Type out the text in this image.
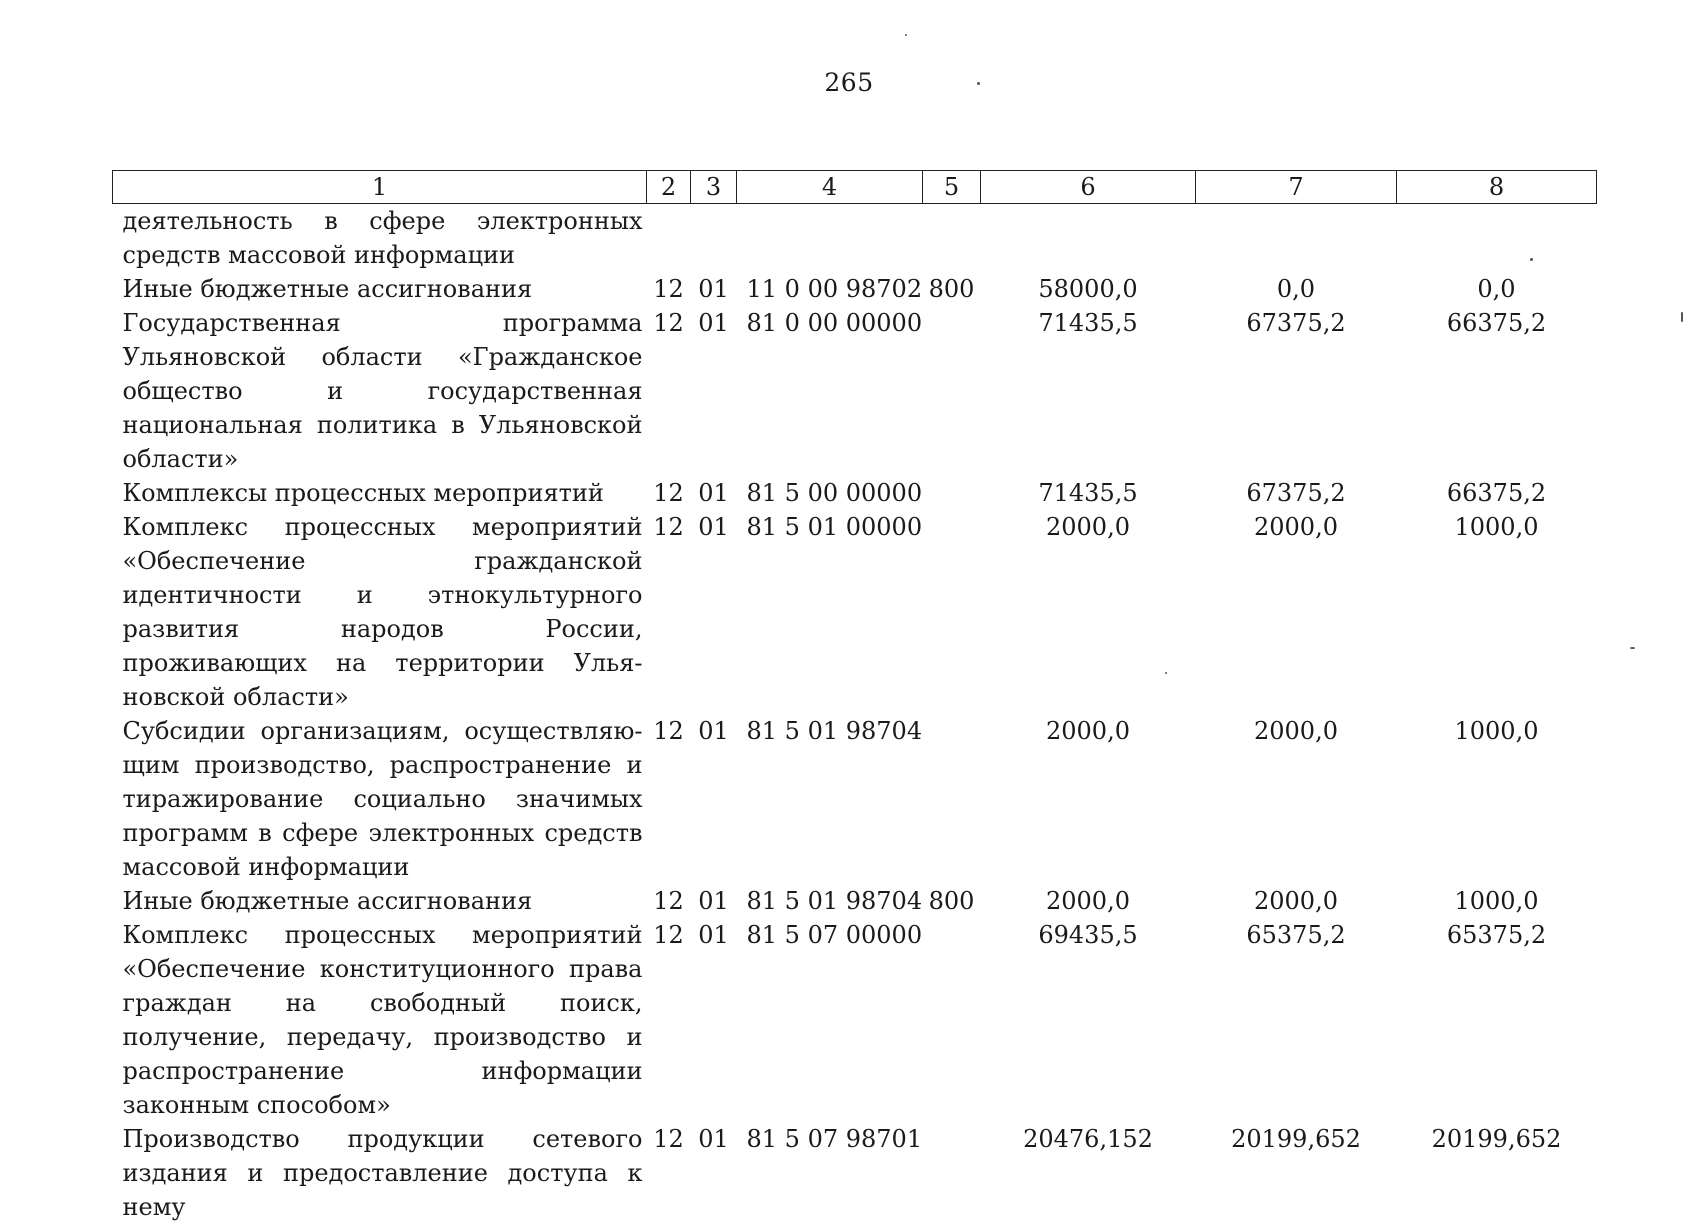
265
1	2	3	4	5	6	7	8
деятельность в сфере электронных средств массовой информации							
Иные бюджетные ассигнования	12	01	11 0 00 98702	800	58000,0	0,0	0,0
Государственная программа Ульяновской области «Гражданское общество и государственная национальная политика в Ульяновской области»	12	01	81 0 00 00000		71435,5	67375,2	66375,2
Комплексы процессных мероприятий	12	01	81 5 00 00000		71435,5	67375,2	66375,2
Комплекс процессных мероприятий «Обеспечение гражданской идентичности и этнокультурного развития народов России, проживающих на территории Ульяновской области»	12	01	81 5 01 00000		2000,0	2000,0	1000,0
Субсидии организациям, осуществляющим производство, распространение и тиражирование социально значимых программ в сфере электронных средств массовой информации	12	01	81 5 01 98704		2000,0	2000,0	1000,0
Иные бюджетные ассигнования	12	01	81 5 01 98704	800	2000,0	2000,0	1000,0
Комплекс процессных мероприятий «Обеспечение конституционного права граждан на свободный поиск, получение, передачу, производство и распространение информации законным способом»	12	01	81 5 07 00000		69435,5	65375,2	65375,2
Производство продукции сетевого издания и предоставление доступа к нему	12	01	81 5 07 98701		20476,152	20199,652	20199,652
